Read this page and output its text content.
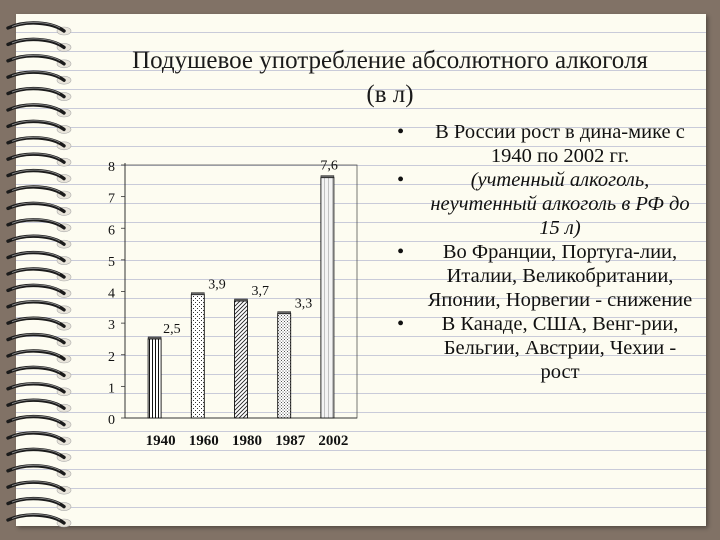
Подушевое употребление абсолютного алкоголя
(в л)
0
1
2
3
4
5
6
7
8
2,5
1940
3,9
1960
3,7
1980
3,3
1987
7,6
2002
• В России рост в дина-мике с 1940 по 2002 гг.
•	(учтенный алкоголь, неучтенный алкоголь в РФ до 15 л)
• Во Франции, Португа-лии, Италии, Великобритании, Японии, Норвегии - снижение
• В Канаде, США, Венг-рии, Бельгии, Австрии, Чехии - рост
